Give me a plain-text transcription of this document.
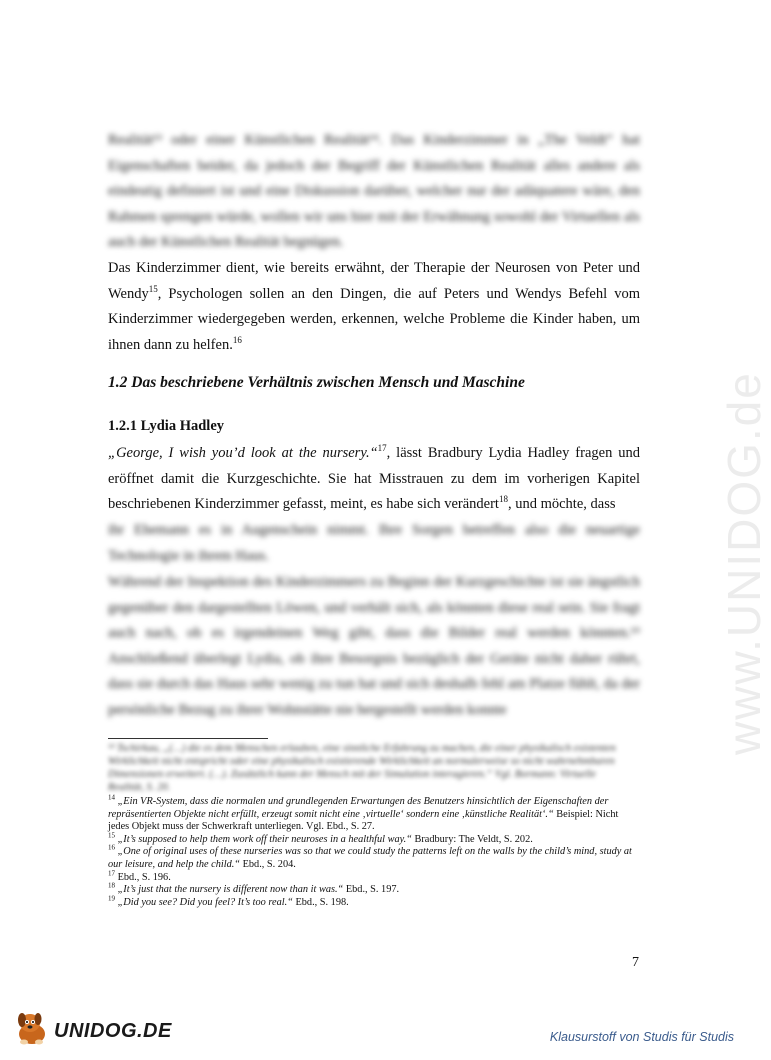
www.UNIDOG.de

Realität¹³ oder einer Künstlichen Realität¹⁴. Das Kinderzimmer in „The Veldt“ hat Eigenschaften beider, da jedoch der Begriff der Künstlichen Realität alles andere als eindeutig definiert ist und eine Diskussion darüber, welcher nur der adäquatere wäre, den Rahmen sprengen würde, wollen wir uns hier mit der Erwähnung sowohl der Virtuellen als auch der Künstlichen Realität begnügen.

Das Kinderzimmer dient, wie bereits erwähnt, der Therapie der Neurosen von Peter und Wendy$^{15}$, Psychologen sollen an den Dingen, die auf Peters und Wendys Befehl vom Kinderzimmer wiedergegeben werden, erkennen, welche Probleme die Kinder haben, um ihnen dann zu helfen.$^{16}$

1.2 Das beschriebene Verhältnis zwischen Mensch und Maschine
1.2.1 Lydia Hadley

„George, I wish you’d look at the nursery.“$^{17}$, lässt Bradbury Lydia Hadley fragen und eröffnet damit die Kurzgeschichte. Sie hat Misstrauen zu dem im vorherigen Kapitel beschriebenen Kinderzimmer gefasst, meint, es habe sich verändert$^{18}$, und möchte, dass

ihr Ehemann es in Augenschein nimmt. Ihre Sorgen betreffen also die neuartige Technologie in ihrem Haus.

Während der Inspektion des Kinderzimmers zu Beginn der Kurzgeschichte ist sie ängstlich gegenüber den dargestellten Löwen, und verhält sich, als könnten diese real sein. Sie fragt auch nach, ob es irgendeinen Weg gibt, dass die Bilder real werden könnten.¹⁹ Anschließend überlegt Lydia, ob ihre Besorgnis bezüglich der Geräte nicht daher rührt, dass sie durch das Haus sehr wenig zu tun hat und sich deshalb fehl am Platze fühlt, da der persönliche Bezug zu ihrer Wohnstätte nie hergestellt werden konnte

¹³ Tschirkau, „(…) die es dem Menschen erlauben, eine sinnliche Erfahrung zu machen, die einer physikalisch existenten Wirklichkeit nicht entspricht oder eine physikalisch existierende Wirklichkeit an normalerweise so nicht wahrnehmbaren Dimensionen erweitert. (…). Zusätzlich kann der Mensch mit der Simulation interagieren.“ Vgl. Bormann: Virtuelle Realität, S. 20.

$^{14}$ „Ein VR-System, dass die normalen und grundlegenden Erwartungen des Benutzers hinsichtlich der Eigenschaften der repräsentierten Objekte nicht erfüllt, erzeugt somit nicht eine ‚virtuelle‘ sondern eine ‚künstliche Realität‘.“ Beispiel: Nicht jedes Objekt muss der Schwerkraft unterliegen. Vgl. Ebd., S. 27.

$^{15}$ „It’s supposed to help them work off their neuroses in a healthful way.“ Bradbury: The Veldt, S. 202.

$^{16}$ „One of original uses of these nurseries was so that we could study the patterns left on the walls by the child’s mind, study at our leisure, and help the child.“ Ebd., S. 204.

$^{17}$ Ebd., S. 196.

$^{18}$ „It’s just that the nursery is different now than it was.“ Ebd., S. 197.

$^{19}$ „Did you see? Did you feel? It’s too real.“ Ebd., S. 198.

7
UNIDOG.DE	Klausurstoff von Studis für Studis
